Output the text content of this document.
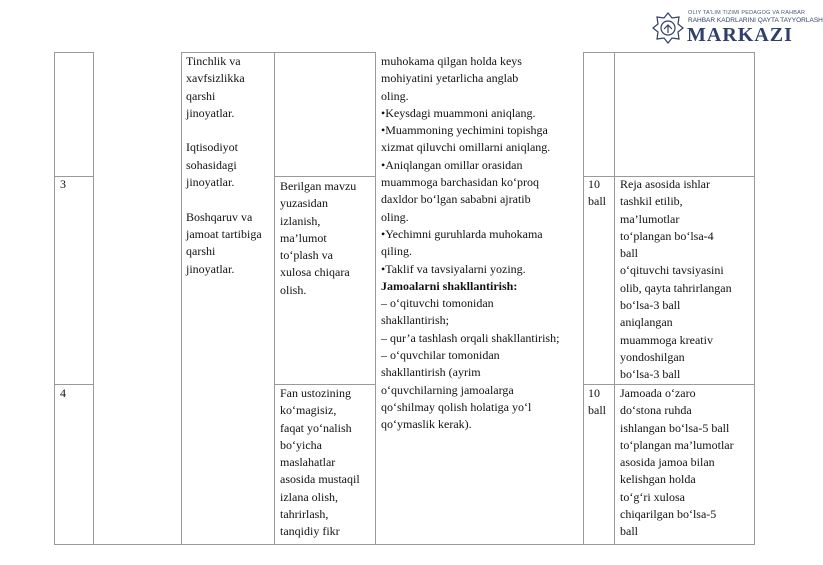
OLIY TA'LIM TIZIMI PEDAGOG VA RAHBAR
RAHBAR KADRLARINI QAYTA TAYYORLASH
MARKAZI
3
4
Tinchlik va
xavfsizlikka
qarshi
jinoyatlar.

Iqtisodiyot
sohasidagi
jinoyatlar.

Boshqaruv va
jamoat tartibiga
qarshi
jinoyatlar.
Berilgan mavzu
yuzasidan
izlanish,
ma’lumot
to‘plash va
xulosa chiqara
olish.
Fan ustozining
ko‘magisiz,
faqat yo‘nalish
bo‘yicha
maslahatlar
asosida mustaqil
izlana olish,
tahrirlash,
tanqidiy fikr
muhokama qilgan holda keys
mohiyatini yetarlicha anglab
oling.
•Keysdagi muammoni aniqlang.
•Muammoning yechimini topishga
xizmat qiluvchi omillarni aniqlang.
•Aniqlangan omillar orasidan
muammoga barchasidan ko‘proq
daxldor bo‘lgan sababni ajratib
oling.
•Yechimni guruhlarda muhokama
qiling.
•Taklif va tavsiyalarni yozing.
Jamoalarni shakllantirish:
– o‘qituvchi tomonidan
shakllantirish;
– qur’a tashlash orqali shakllantirish;
– o‘quvchilar tomonidan
shakllantirish (ayrim
o‘quvchilarning jamoalarga
qo‘shilmay qolish holatiga yo‘l
qo‘ymaslik kerak).
10
ball
10
ball
Reja asosida ishlar
tashkil etilib,
ma’lumotlar
to‘plangan bo‘lsa-4
ball
o‘qituvchi tavsiyasini
olib, qayta tahrirlangan
bo‘lsa-3 ball
aniqlangan
muammoga kreativ
yondoshilgan
bo‘lsa-3 ball
Jamoada o‘zaro
do‘stona ruhda
ishlangan bo‘lsa-5 ball
to‘plangan ma’lumotlar
asosida jamoa bilan
kelishgan holda
to‘g‘ri xulosa
chiqarilgan bo‘lsa-5
ball
